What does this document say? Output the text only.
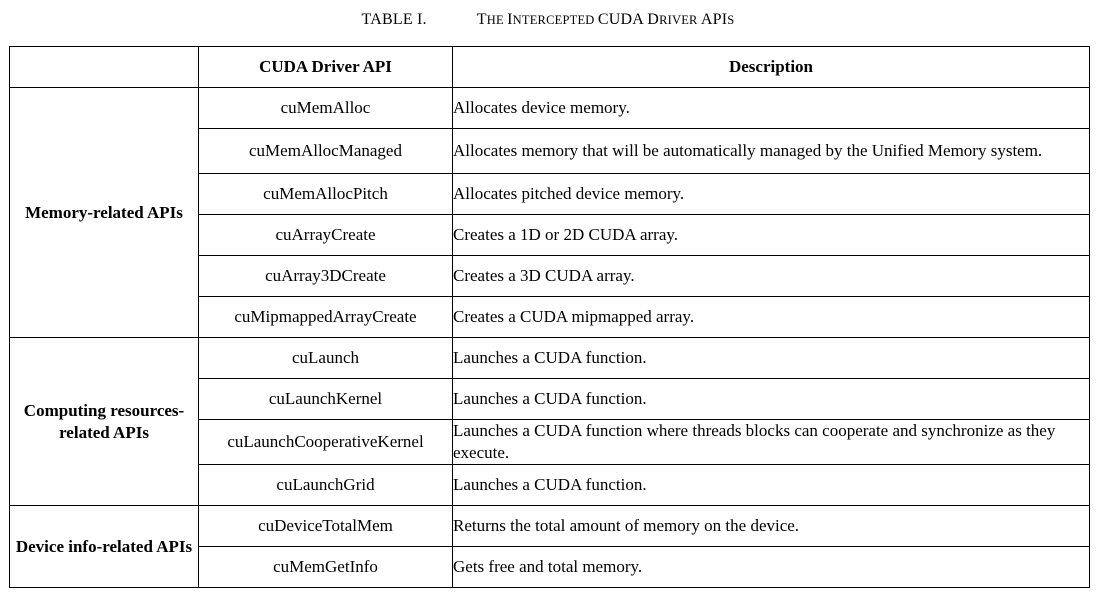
TABLE I.	THE INTERCEPTED CUDA DRIVER APIS
	CUDA Driver API	Description
Memory-related APIs	cuMemAlloc	Allocates device memory.
	cuMemAllocManaged	Allocates memory that will be automatically managed by the Unified Memory system.
	cuMemAllocPitch	Allocates pitched device memory.
	cuArrayCreate	Creates a 1D or 2D CUDA array.
	cuArray3DCreate	Creates a 3D CUDA array.
	cuMipmappedArrayCreate	Creates a CUDA mipmapped array.
Computing resources-related APIs	cuLaunch	Launches a CUDA function.
	cuLaunchKernel	Launches a CUDA function.
	cuLaunchCooperativeKernel	Launches a CUDA function where threads blocks can cooperate and synchronize as they execute.
	cuLaunchGrid	Launches a CUDA function.
Device info-related APIs	cuDeviceTotalMem	Returns the total amount of memory on the device.
	cuMemGetInfo	Gets free and total memory.
